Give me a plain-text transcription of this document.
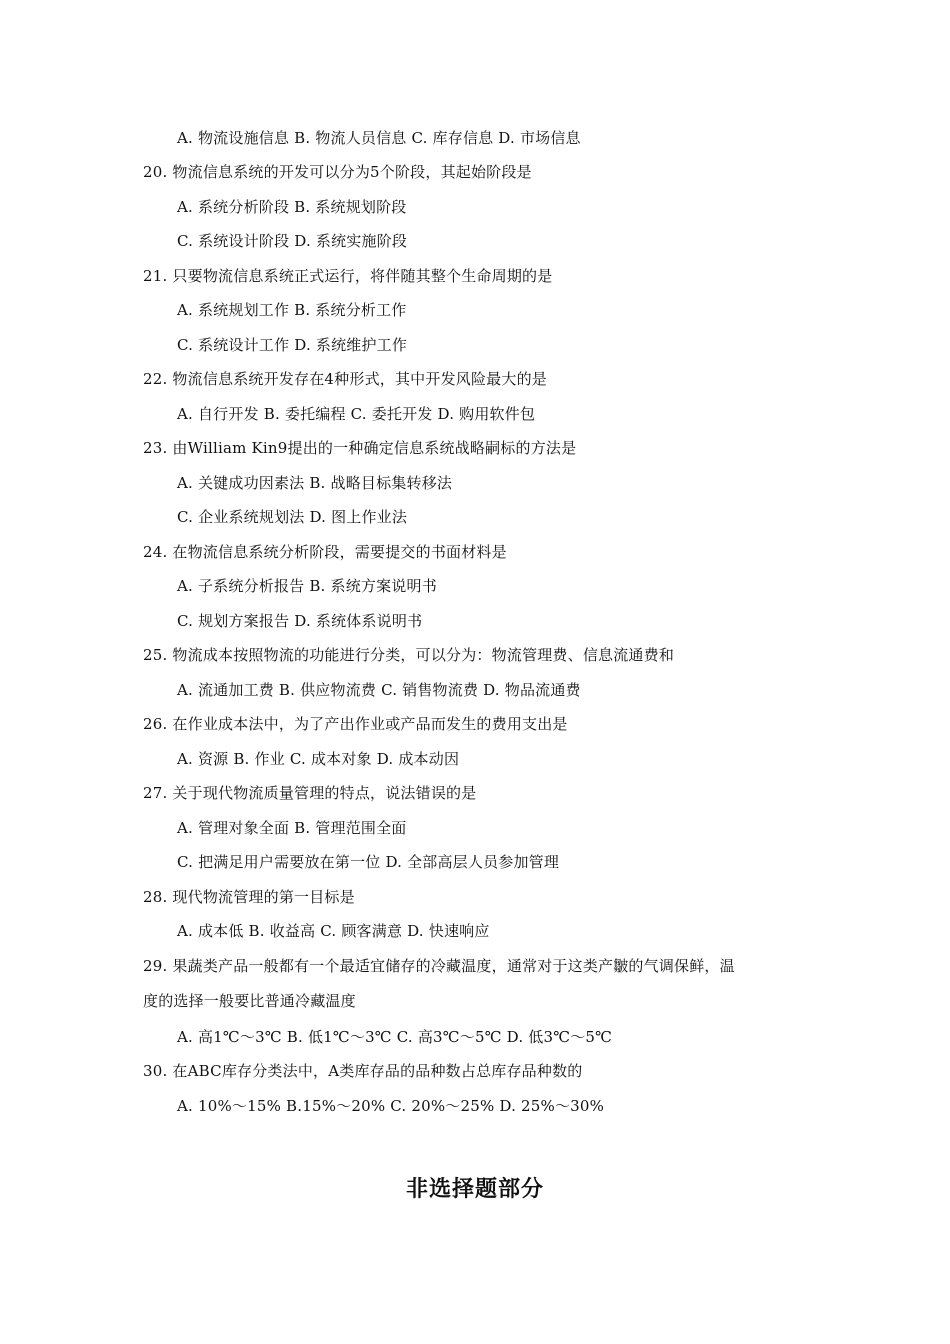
A. 物流设施信息 B. 物流人员信息 C. 库存信息 D. 市场信息
20. 物流信息系统的开发可以分为5个阶段，其起始阶段是
A. 系统分析阶段 B. 系统规划阶段
C. 系统设计阶段 D. 系统实施阶段
21. 只要物流信息系统正式运行，将伴随其整个生命周期的是
A. 系统规划工作 B. 系统分析工作
C. 系统设计工作 D. 系统维护工作
22. 物流信息系统开发存在4种形式，其中开发风险最大的是
A. 自行开发 B. 委托编程 C. 委托开发 D. 购用软件包
23. 由William Kin9提出的一种确定信息系统战略嗣标的方法是
A. 关键成功因素法 B. 战略目标集转移法
C. 企业系统规划法 D. 图上作业法
24. 在物流信息系统分析阶段，需要提交的书面材料是
A. 子系统分析报告 B. 系统方案说明书
C. 规划方案报告 D. 系统体系说明书
25. 物流成本按照物流的功能进行分类，可以分为：物流管理费、信息流通费和
A. 流通加工费 B. 供应物流费 C. 销售物流费 D. 物品流通费
26. 在作业成本法中，为了产出作业或产品而发生的费用支出是
A. 资源 B. 作业 C. 成本对象 D. 成本动因
27. 关于现代物流质量管理的特点，说法错误的是
A. 管理对象全面 B. 管理范围全面
C. 把满足用户需要放在第一位 D. 全部高层人员参加管理
28. 现代物流管理的第一目标是
A. 成本低 B. 收益高 C. 顾客满意 D. 快速响应
29. 果蔬类产品一般都有一个最适宜储存的冷藏温度，通常对于这类产皺的气调保鲜，温
度的选择一般要比普通冷藏温度
A. 高1℃～3℃ B. 低1℃～3℃ C. 高3℃～5℃ D. 低3℃～5℃
30. 在ABC库存分类法中，A类库存品的品种数占总库存品种数的
A. 10%～15% B.15%～20% C. 20%～25% D. 25%～30%
非选择题部分
